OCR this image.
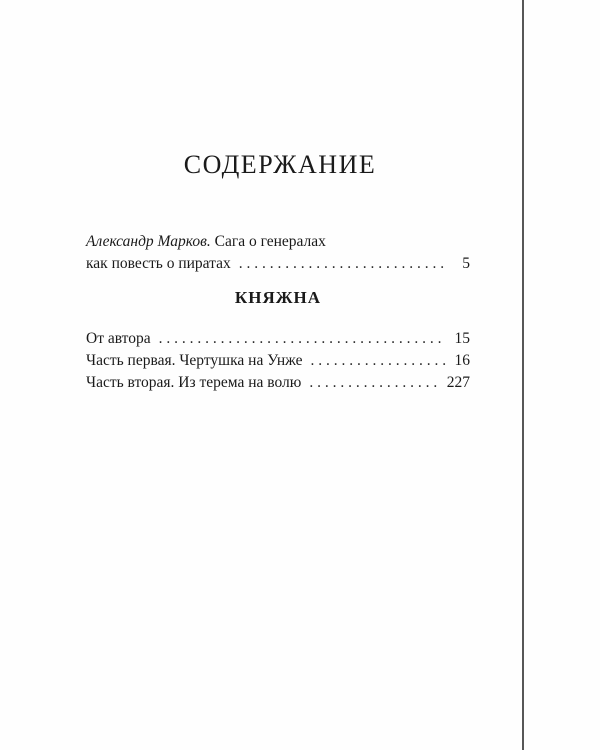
СОДЕРЖАНИЕ
Александр Марков. Сага о генералах
как повесть о пиратах . . .	5
КНЯЖНА
От автора . . .	15
Часть первая. Чертушка на Унже . . .	16
Часть вторая. Из терема на волю . . .	227
